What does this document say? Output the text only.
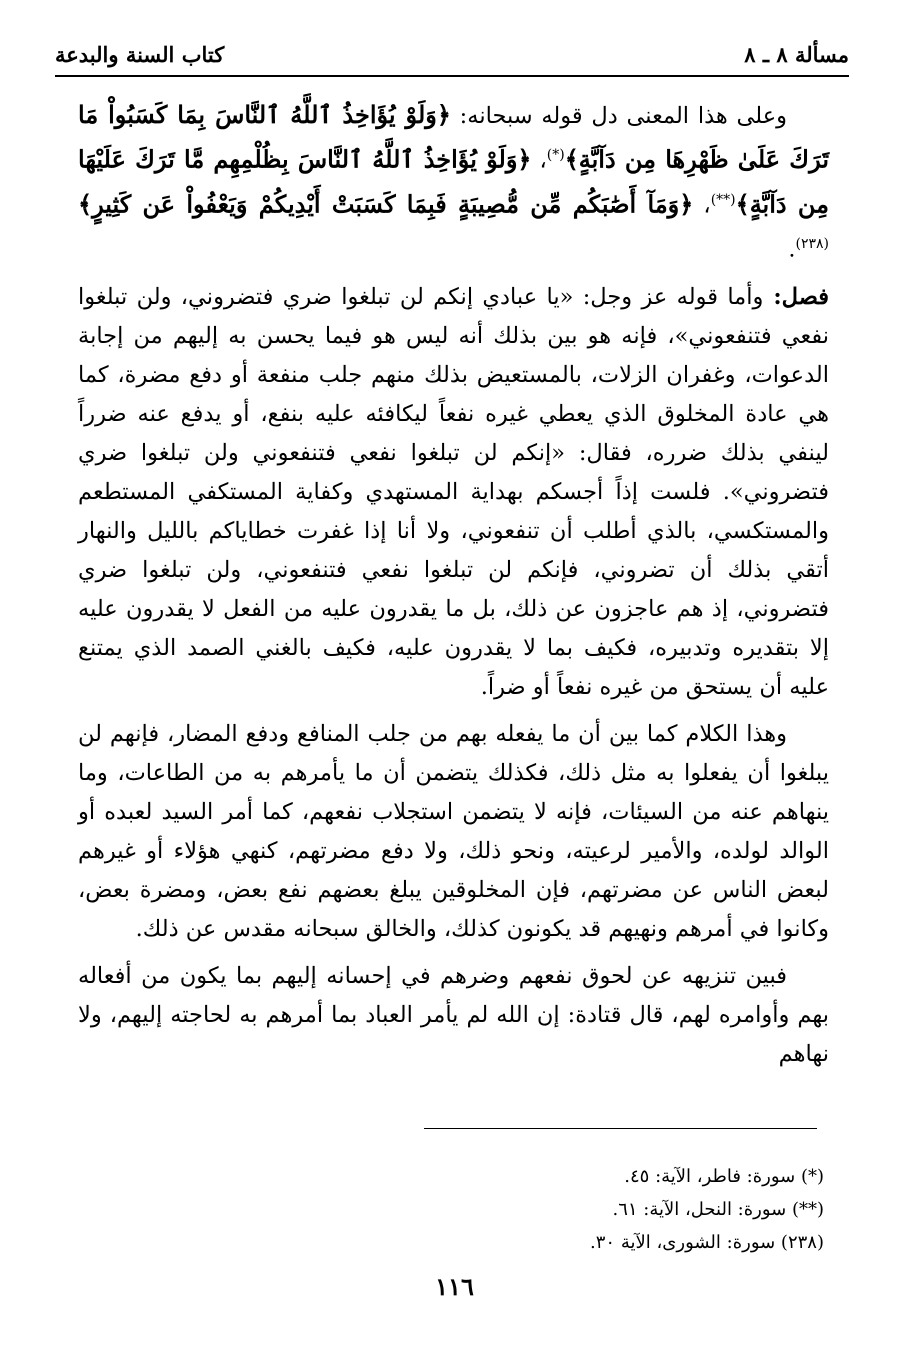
مسألة ٨ ـ ٨
كتاب السنة والبدعة

وعلى هذا المعنى دل قوله سبحانه: ﴿وَلَوْ يُؤَاخِذُ ٱللَّهُ ٱلنَّاسَ بِمَا كَسَبُواْ مَا تَرَكَ عَلَىٰ ظَهْرِهَا مِن دَآبَّةٍ﴾(*)، ﴿وَلَوْ يُؤَاخِذُ ٱللَّهُ ٱلنَّاسَ بِظُلْمِهِم مَّا تَرَكَ عَلَيْهَا مِن دَآبَّةٍ﴾(**)، ﴿وَمَآ أَصَٰبَكُم مِّن مُّصِيبَةٍ فَبِمَا كَسَبَتْ أَيْدِيكُمْ وَيَعْفُواْ عَن كَثِيرٍ﴾$^{(٢٣٨)}$.

فصل: وأما قوله عز وجل: «يا عبادي إنكم لن تبلغوا ضري فتضروني، ولن تبلغوا نفعي فتنفعوني»، فإنه هو بين بذلك أنه ليس هو فيما يحسن به إليهم من إجابة الدعوات، وغفران الزلات، بالمستعيض بذلك منهم جلب منفعة أو دفع مضرة، كما هي عادة المخلوق الذي يعطي غيره نفعاً ليكافئه عليه بنفع، أو يدفع عنه ضرراً لينفي بذلك ضرره، فقال: «إنكم لن تبلغوا نفعي فتنفعوني ولن تبلغوا ضري فتضروني». فلست إذاً أجسكم بهداية المستهدي وكفاية المستكفي المستطعم والمستكسي، بالذي أطلب أن تنفعوني، ولا أنا إذا غفرت خطاياكم بالليل والنهار أتقي بذلك أن تضروني، فإنكم لن تبلغوا نفعي فتنفعوني، ولن تبلغوا ضري فتضروني، إذ هم عاجزون عن ذلك، بل ما يقدرون عليه من الفعل لا يقدرون عليه إلا بتقديره وتدبيره، فكيف بما لا يقدرون عليه، فكيف بالغني الصمد الذي يمتنع عليه أن يستحق من غيره نفعاً أو ضراً.

وهذا الكلام كما بين أن ما يفعله بهم من جلب المنافع ودفع المضار، فإنهم لن يبلغوا أن يفعلوا به مثل ذلك، فكذلك يتضمن أن ما يأمرهم به من الطاعات، وما ينهاهم عنه من السيئات، فإنه لا يتضمن استجلاب نفعهم، كما أمر السيد لعبده أو الوالد لولده، والأمير لرعيته، ونحو ذلك، ولا دفع مضرتهم، كنهي هؤلاء أو غيرهم لبعض الناس عن مضرتهم، فإن المخلوقين يبلغ بعضهم نفع بعض، ومضرة بعض، وكانوا في أمرهم ونهيهم قد يكونون كذلك، والخالق سبحانه مقدس عن ذلك.

فبين تنزيهه عن لحوق نفعهم وضرهم في إحسانه إليهم بما يكون من أفعاله بهم وأوامره لهم، قال قتادة: إن الله لم يأمر العباد بما أمرهم به لحاجته إليهم، ولا نهاهم

(*) سورة: فاطر، الآية: ٤٥.
(**) سورة: النحل، الآية: ٦١.
(٢٣٨) سورة: الشورى، الآية ٣٠.
١١٦
